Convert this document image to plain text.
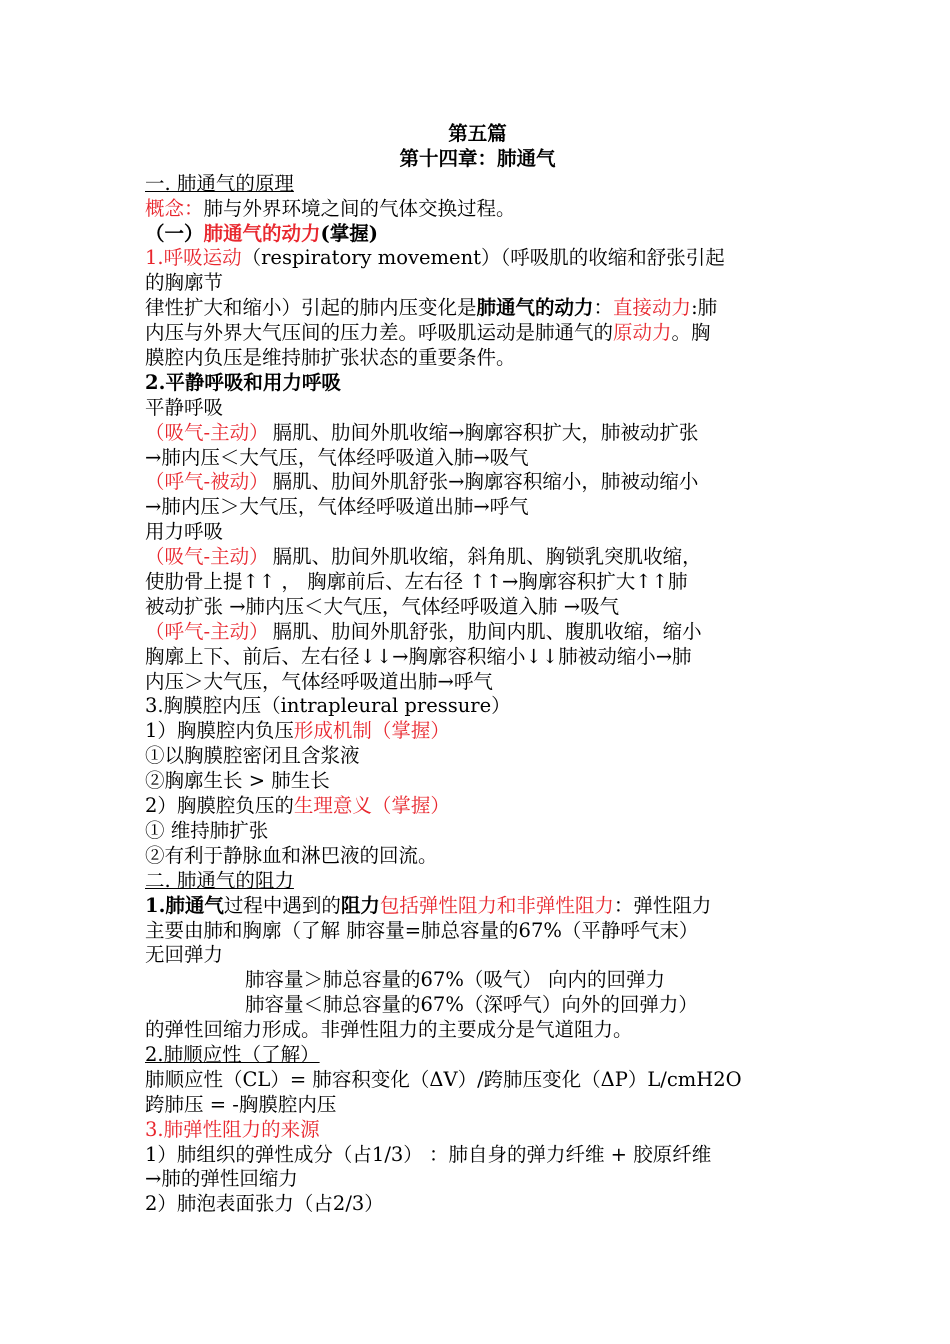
第五篇
第十四章：肺通气
一. 肺通气的原理
概念：肺与外界环境之间的气体交换过程。
（一）肺通气的动力(掌握)
1.呼吸运动（respiratory movement）（呼吸肌的收缩和舒张引起
的胸廓节
律性扩大和缩小）引起的肺内压变化是肺通气的动力：直接动力:肺
内压与外界大气压间的压力差。呼吸肌运动是肺通气的原动力。胸
膜腔内负压是维持肺扩张状态的重要条件。
2.平静呼吸和用力呼吸
平静呼吸
（吸气-主动） 膈肌、肋间外肌收缩→胸廓容积扩大，肺被动扩张
→肺内压＜大气压，气体经呼吸道入肺→吸气
（呼气-被动） 膈肌、肋间外肌舒张→胸廓容积缩小，肺被动缩小
→肺内压＞大气压，气体经呼吸道出肺→呼气
用力呼吸
（吸气-主动） 膈肌、肋间外肌收缩，斜角肌、胸锁乳突肌收缩，
使肋骨上提↑↑ ， 胸廓前后、左右径 ↑↑→胸廓容积扩大↑↑肺
被动扩张 →肺内压＜大气压，气体经呼吸道入肺 →吸气
（呼气-主动） 膈肌、肋间外肌舒张，肋间内肌、腹肌收缩，缩小
胸廓上下、前后、左右径↓↓→胸廓容积缩小↓↓肺被动缩小→肺
内压＞大气压，气体经呼吸道出肺→呼气
3.胸膜腔内压（intrapleural pressure）
1）胸膜腔内负压形成机制（掌握）
①以胸膜腔密闭且含浆液
②胸廓生长 > 肺生长
2）胸膜腔负压的生理意义（掌握）
① 维持肺扩张
②有利于静脉血和淋巴液的回流。
二. 肺通气的阻力
1.肺通气过程中遇到的阻力包括弹性阻力和非弹性阻力：弹性阻力
主要由肺和胸廓（了解 肺容量=肺总容量的67%（平静呼气末）
无回弹力
肺容量＞肺总容量的67%（吸气） 向内的回弹力
肺容量＜肺总容量的67%（深呼气）向外的回弹力）
的弹性回缩力形成。非弹性阻力的主要成分是气道阻力。
2.肺顺应性（了解）
肺顺应性（CL）= 肺容积变化（ΔV）/跨肺压变化（ΔP）L/cmH2O
跨肺压 = -胸膜腔内压
3.肺弹性阻力的来源
1）肺组织的弹性成分（占1/3） ：肺自身的弹力纤维 + 胶原纤维
→肺的弹性回缩力
2）肺泡表面张力（占2/3）
